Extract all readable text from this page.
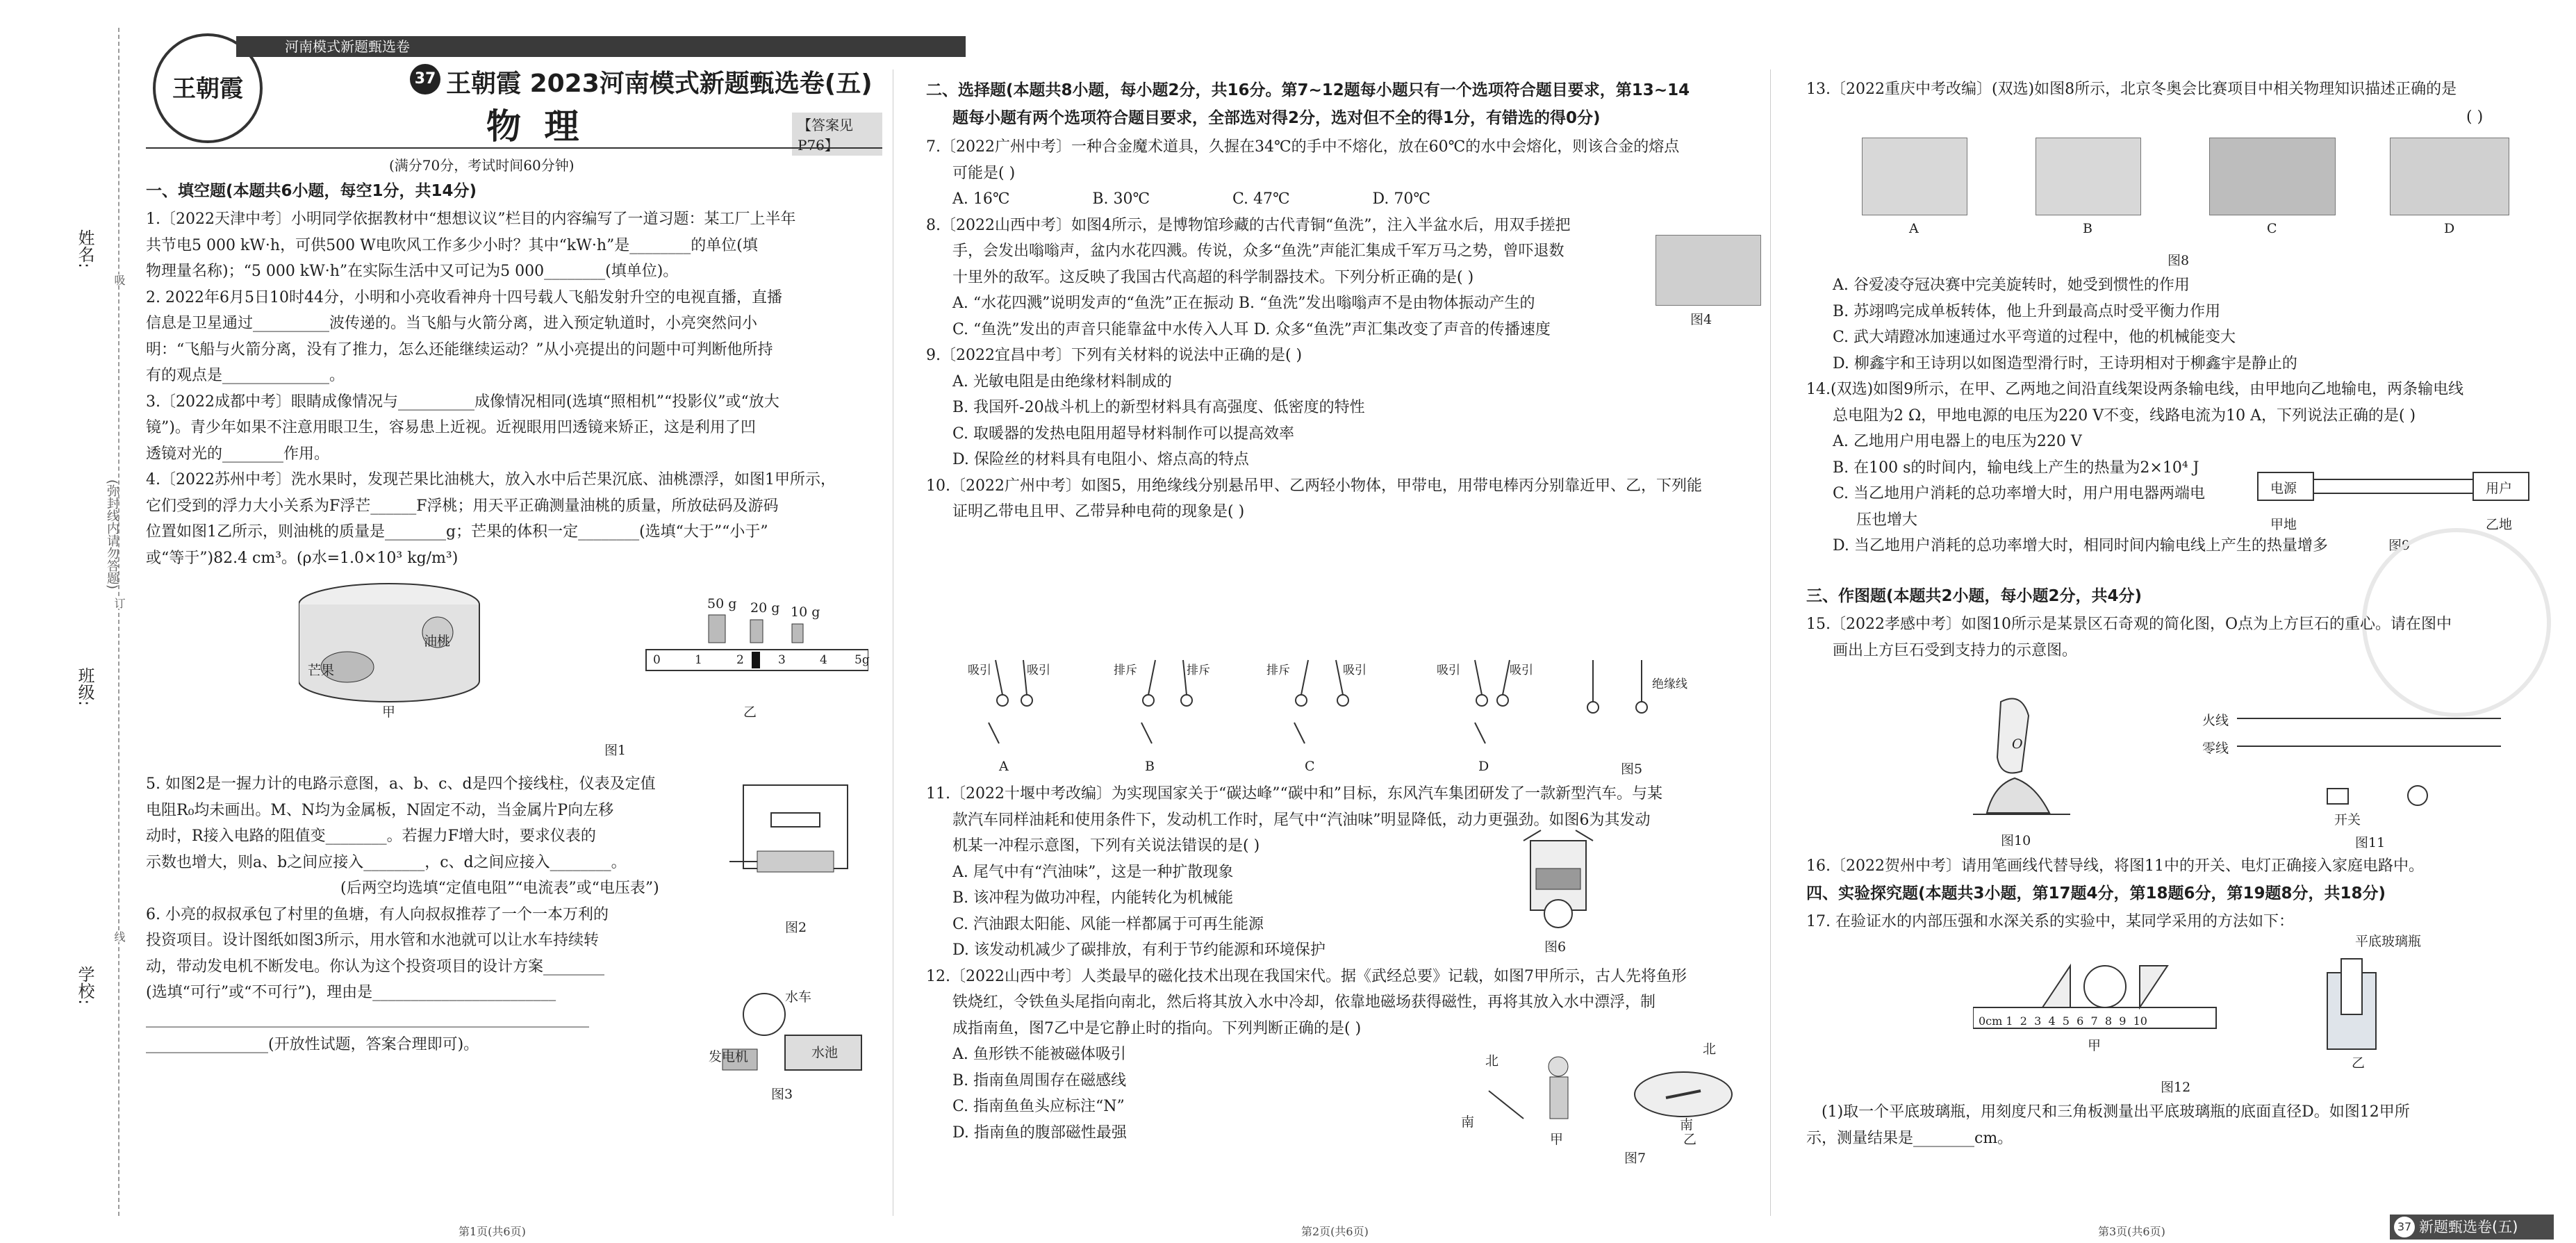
姓名:
班级:
学校:
(弥封线内请勿答题)
吸
订
线
王朝霞
河南模式新题甄选卷
37 王朝霞 2023河南模式新题甄选卷(五)
物 理	【答案见P76】
(满分70分，考试时间60分钟)
一、填空题(本题共6小题，每空1分，共14分)
1.〔2022天津中考〕小明同学依据教材中“想想议议”栏目的内容编写了一道习题：某工厂上半年
共节电5 000 kW·h，可供500 W电吹风工作多少小时？其中“kW·h”是________的单位(填
物理量名称)；“5 000 kW·h”在实际生活中又可记为5 000________(填单位)。
2. 2022年6月5日10时44分，小明和小亮收看神舟十四号载人飞船发射升空的电视直播，直播
信息是卫星通过__________波传递的。当飞船与火箭分离，进入预定轨道时，小亮突然问小
明：“飞船与火箭分离，没有了推力，怎么还能继续运动？”从小亮提出的问题中可判断他所持
有的观点是______________。
3.〔2022成都中考〕眼睛成像情况与__________成像情况相同(选填“照相机”“投影仪”或“放大
镜”)。青少年如果不注意用眼卫生，容易患上近视。近视眼用凹透镜来矫正，这是利用了凹
透镜对光的________作用。
4.〔2022苏州中考〕洗水果时，发现芒果比油桃大，放入水中后芒果沉底、油桃漂浮，如图1甲所示，
它们受到的浮力大小关系为F浮芒______F浮桃；用天平正确测量油桃的质量，所放砝码及游码
位置如图1乙所示，则油桃的质量是________g；芒果的体积一定________(选填“大于”“小于”
或“等于”)82.4 cm³。(ρ水=1.0×10³ kg/m³)
芒果
油桃
甲	乙
50 g 20 g 10 g
0	1	2	3	4 5g
图1
5. 如图2是一握力计的电路示意图，a、b、c、d是四个接线柱，仪表及定值
电阻R₀均未画出。M、N均为金属板，N固定不动，当金属片P向左移
动时，R接入电路的阻值变________。若握力F增大时，要求仪表的
示数也增大，则a、b之间应接入________，c、d之间应接入________。
(后两空均选填“定值电阻”“电流表”或“电压表”)
6. 小亮的叔叔承包了村里的鱼塘，有人向叔叔推荐了一个一本万利的
投资项目。设计图纸如图3所示，用水管和水池就可以让水车持续转
动，带动发电机不断发电。你认为这个投资项目的设计方案________
(选填“可行”或“不可行”)，理由是________________________
__________________________________________________________
________________(开放性试题，答案合理即可)。
图2
水车
发电机	水池
图3
第1页(共6页)
二、选择题(本题共8小题，每小题2分，共16分。第7~12题每小题只有一个选项符合题目要求，第13~14
题每小题有两个选项符合题目要求，全部选对得2分，选对但不全的得1分，有错选的得0分)
7.〔2022广州中考〕一种合金魔术道具，久握在34℃的手中不熔化，放在60℃的水中会熔化，则该合金的熔点
可能是( )
A. 16℃                 B. 30℃                 C. 47℃                 D. 70℃
8.〔2022山西中考〕如图4所示，是博物馆珍藏的古代青铜“鱼洗”，注入半盆水后，用双手搓把
手，会发出嗡嗡声，盆内水花四溅。传说，众多“鱼洗”声能汇集成千军万马之势，曾吓退数
十里外的敌军。这反映了我国古代高超的科学制器技术。下列分析正确的是( )
A. “水花四溅”说明发声的“鱼洗”正在振动 B. “鱼洗”发出嗡嗡声不是由物体振动产生的
C. “鱼洗”发出的声音只能靠盆中水传入人耳 D. 众多“鱼洗”声汇集改变了声音的传播速度
9.〔2022宜昌中考〕下列有关材料的说法中正确的是( )
A. 光敏电阻是由绝缘材料制成的
B. 我国歼-20战斗机上的新型材料具有高强度、低密度的特性
C. 取暖器的发热电阻用超导材料制作可以提高效率
D. 保险丝的材料具有电阻小、熔点高的特点
10.〔2022广州中考〕如图5，用绝缘线分别悬吊甲、乙两轻小物体，甲带电，用带电棒丙分别靠近甲、乙，下列能
证明乙带电且甲、乙带异种电荷的现象是( )
图4
吸引	吸引	排斥	排斥	排斥	吸引	吸引	吸引
绝缘线
A	B	C	D	图5
11.〔2022十堰中考改编〕为实现国家关于“碳达峰”“碳中和”目标，东风汽车集团研发了一款新型汽车。与某
款汽车同样油耗和使用条件下，发动机工作时，尾气中“汽油味”明显降低，动力更强劲。如图6为其发动
机某一冲程示意图，下列有关说法错误的是( )
A. 尾气中有“汽油味”，这是一种扩散现象
B. 该冲程为做功冲程，内能转化为机械能
C. 汽油跟太阳能、风能一样都属于可再生能源
D. 该发动机减少了碳排放，有利于节约能源和环境保护
12.〔2022山西中考〕人类最早的磁化技术出现在我国宋代。据《武经总要》记载，如图7甲所示，古人先将鱼形
铁烧红，令铁鱼头尾指向南北，然后将其放入水中冷却，依靠地磁场获得磁性，再将其放入水中漂浮，制
成指南鱼，图7乙中是它静止时的指向。下列判断正确的是( )
A. 鱼形铁不能被磁体吸引
B. 指南鱼周围存在磁感线
C. 指南鱼鱼头应标注“N”
D. 指南鱼的腹部磁性最强
图6
北
南
北
南
甲	乙
图7
第2页(共6页)
13.〔2022重庆中考改编〕(双选)如图8所示，北京冬奥会比赛项目中相关物理知识描述正确的是
( )
A	B	C	D
图8
A. 谷爱凌夺冠决赛中完美旋转时，她受到惯性的作用
B. 苏翊鸣完成单板转体，他上升到最高点时受平衡力作用
C. 武大靖蹬冰加速通过水平弯道的过程中，他的机械能变大
D. 柳鑫宇和王诗玥以如图造型滑行时，王诗玥相对于柳鑫宇是静止的
14.(双选)如图9所示，在甲、乙两地之间沿直线架设两条输电线，由甲地向乙地输电，两条输电线
总电阻为2 Ω，甲地电源的电压为220 V不变，线路电流为10 A，下列说法正确的是( )
A. 乙地用户用电器上的电压为220 V
B. 在100 s的时间内，输电线上产生的热量为2×10⁴ J
C. 当乙地用户消耗的总功率增大时，用户用电器两端电
压也增大
D. 当乙地用户消耗的总功率增大时，相同时间内输电线上产生的热量增多
电源	用户
甲地	乙地
图9
三、作图题(本题共2小题，每小题2分，共4分)
15.〔2022孝感中考〕如图10所示是某景区石奇观的简化图，O点为上方巨石的重心。请在图中
画出上方巨石受到支持力的示意图。
O
图10
火线
零线
开关
图11
16.〔2022贺州中考〕请用笔画线代替导线，将图11中的开关、电灯正确接入家庭电路中。
四、实验探究题(本题共3小题，第17题4分，第18题6分，第19题8分，共18分)
17. 在验证水的内部压强和水深关系的实验中，某同学采用的方法如下：
平底玻璃瓶
0cm 1  2  3  4  5  6  7  8  9  10
甲
乙
图12
(1)取一个平底玻璃瓶，用刻度尺和三角板测量出平底玻璃瓶的底面直径D。如图12甲所
示，测量结果是________cm。
第3页(共6页)	37 新题甄选卷(五)
